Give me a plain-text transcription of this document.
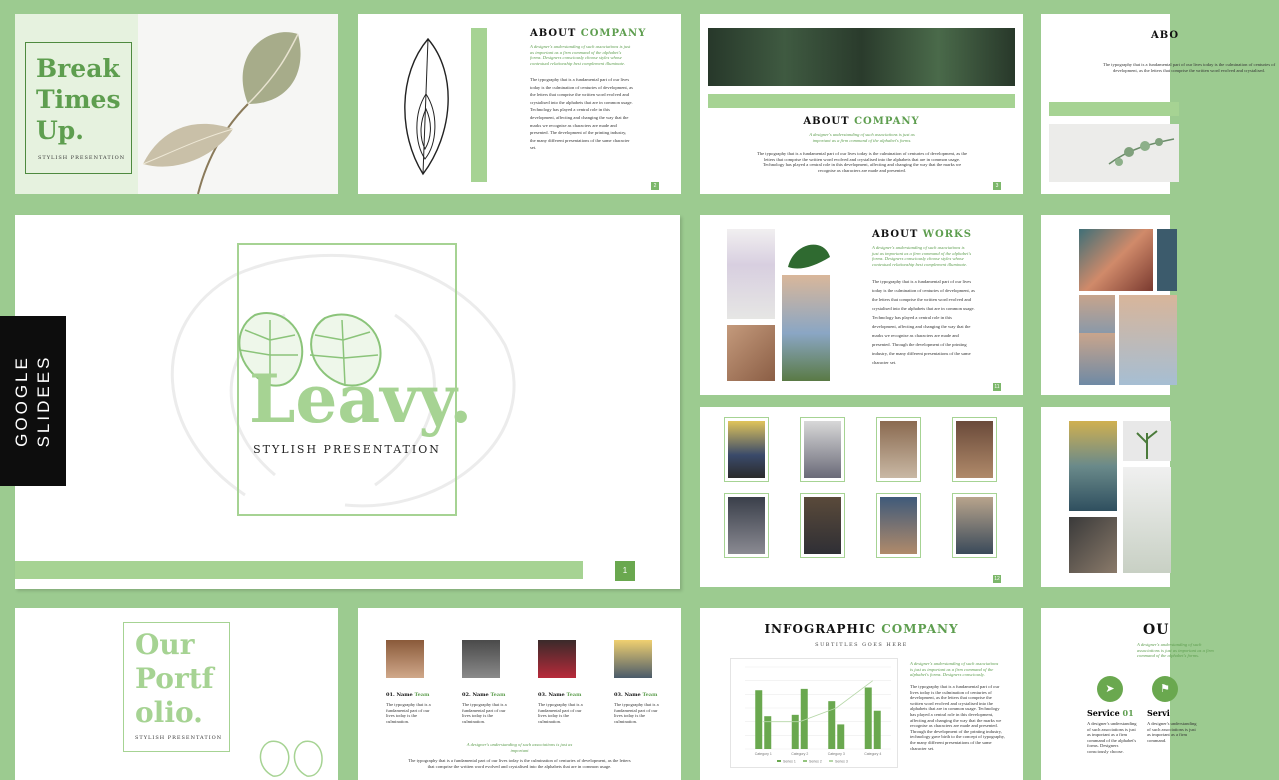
GOOGLE SLIDEES
Break
Times
Up.
STYLISH PRESENTATION
ABOUT COMPANY
A designer's understanding of such associations is just as important as a firm command of the alphabet's forms. Designers consciously choose styles whose contextual relationship best complement illuminate.
The typography that is a fundamental part of our lives today is the culmination of centuries of development, as the letters that comprise the written word evolved and crystalised into the alphabets that are in common usage. Technology has played a central role in this development, affecting and changing the way that the marks we recognise as characters are made and presented. The development of the printing industry, the many different presentations of the same character set.
2
ABOUT COMPANY
A designer's understanding of such associations is just as important as a firm command of the alphabet's forms.
The typography that is a fundamental part of our lives today is the culmination of centuries of development, as the letters that comprise the written word evolved and crystalised into the alphabets that are in common usage. Technology has played a central role in this development, affecting and changing the way that the marks we recognise as characters are made and presented.
3
ABO
The typography that is a fundamental part of our lives today is the culmination of centuries of development, as the letters that comprise the written word evolved and crystalised.
Leavy.
STYLISH PRESENTATION
1
ABOUT WORKS
A designer's understanding of such associations is just as important as a firm command of the alphabet's forms. Designers consciously choose styles whose contextual relationship best complement illuminate.
The typography that is a fundamental part of our lives today is the culmination of centuries of development, as the letters that comprise the written word evolved and crystalised into the alphabets that are in common usage. Technology has played a central role in this development, affecting and changing the way that the marks we recognise as characters are made and presented. Through the development of the printing industry, the many different presentations of the same character set.
11
12
Our
Portf
olio.
STYLISH PRESENTATION
01. Name Team
The typography that is a fundamental part of our lives today is the culmination.
02. Name Team
The typography that is a fundamental part of our lives today is the culmination.
03. Name Team
The typography that is a fundamental part of our lives today is the culmination.
03. Name Team
The typography that is a fundamental part of our lives today is the culmination.
A designer's understanding of such associations is just as important
The typography that is a fundamental part of our lives today is the culmination of centuries of development, as the letters that comprise the written word evolved and crystalised into the alphabets that are in common usage.
INFOGRAPHIC COMPANY
SUBTITLES GOES HERE
Category 1	Category 2	Category 3	Category 4
Series 1	Series 2	Series 3
A designer's understanding of such associations is just as important as a firm command of the alphabet's forms. Designers consciously.
The typography that is a fundamental part of our lives today is the culmination of centuries of development, as the letters that comprise the written word evolved and crystalised into the alphabets that are in common usage. Technology has played a central role in this development, affecting and changing the way that the marks we recognise as characters are made and presented. Through the development of the printing industry, technology gave birth to the concept of typography, the many different presentations of the same character set.
OU
A designer's understanding of such associations is just as important as a firm command of the alphabet's forms.
➤	⚑
Service 01
A designer's understanding of such associations is just as important as a firm command of the alphabet's forms. Designers consciously choose.
Servi
A designer's understanding of such associations is just as important as a firm command.
